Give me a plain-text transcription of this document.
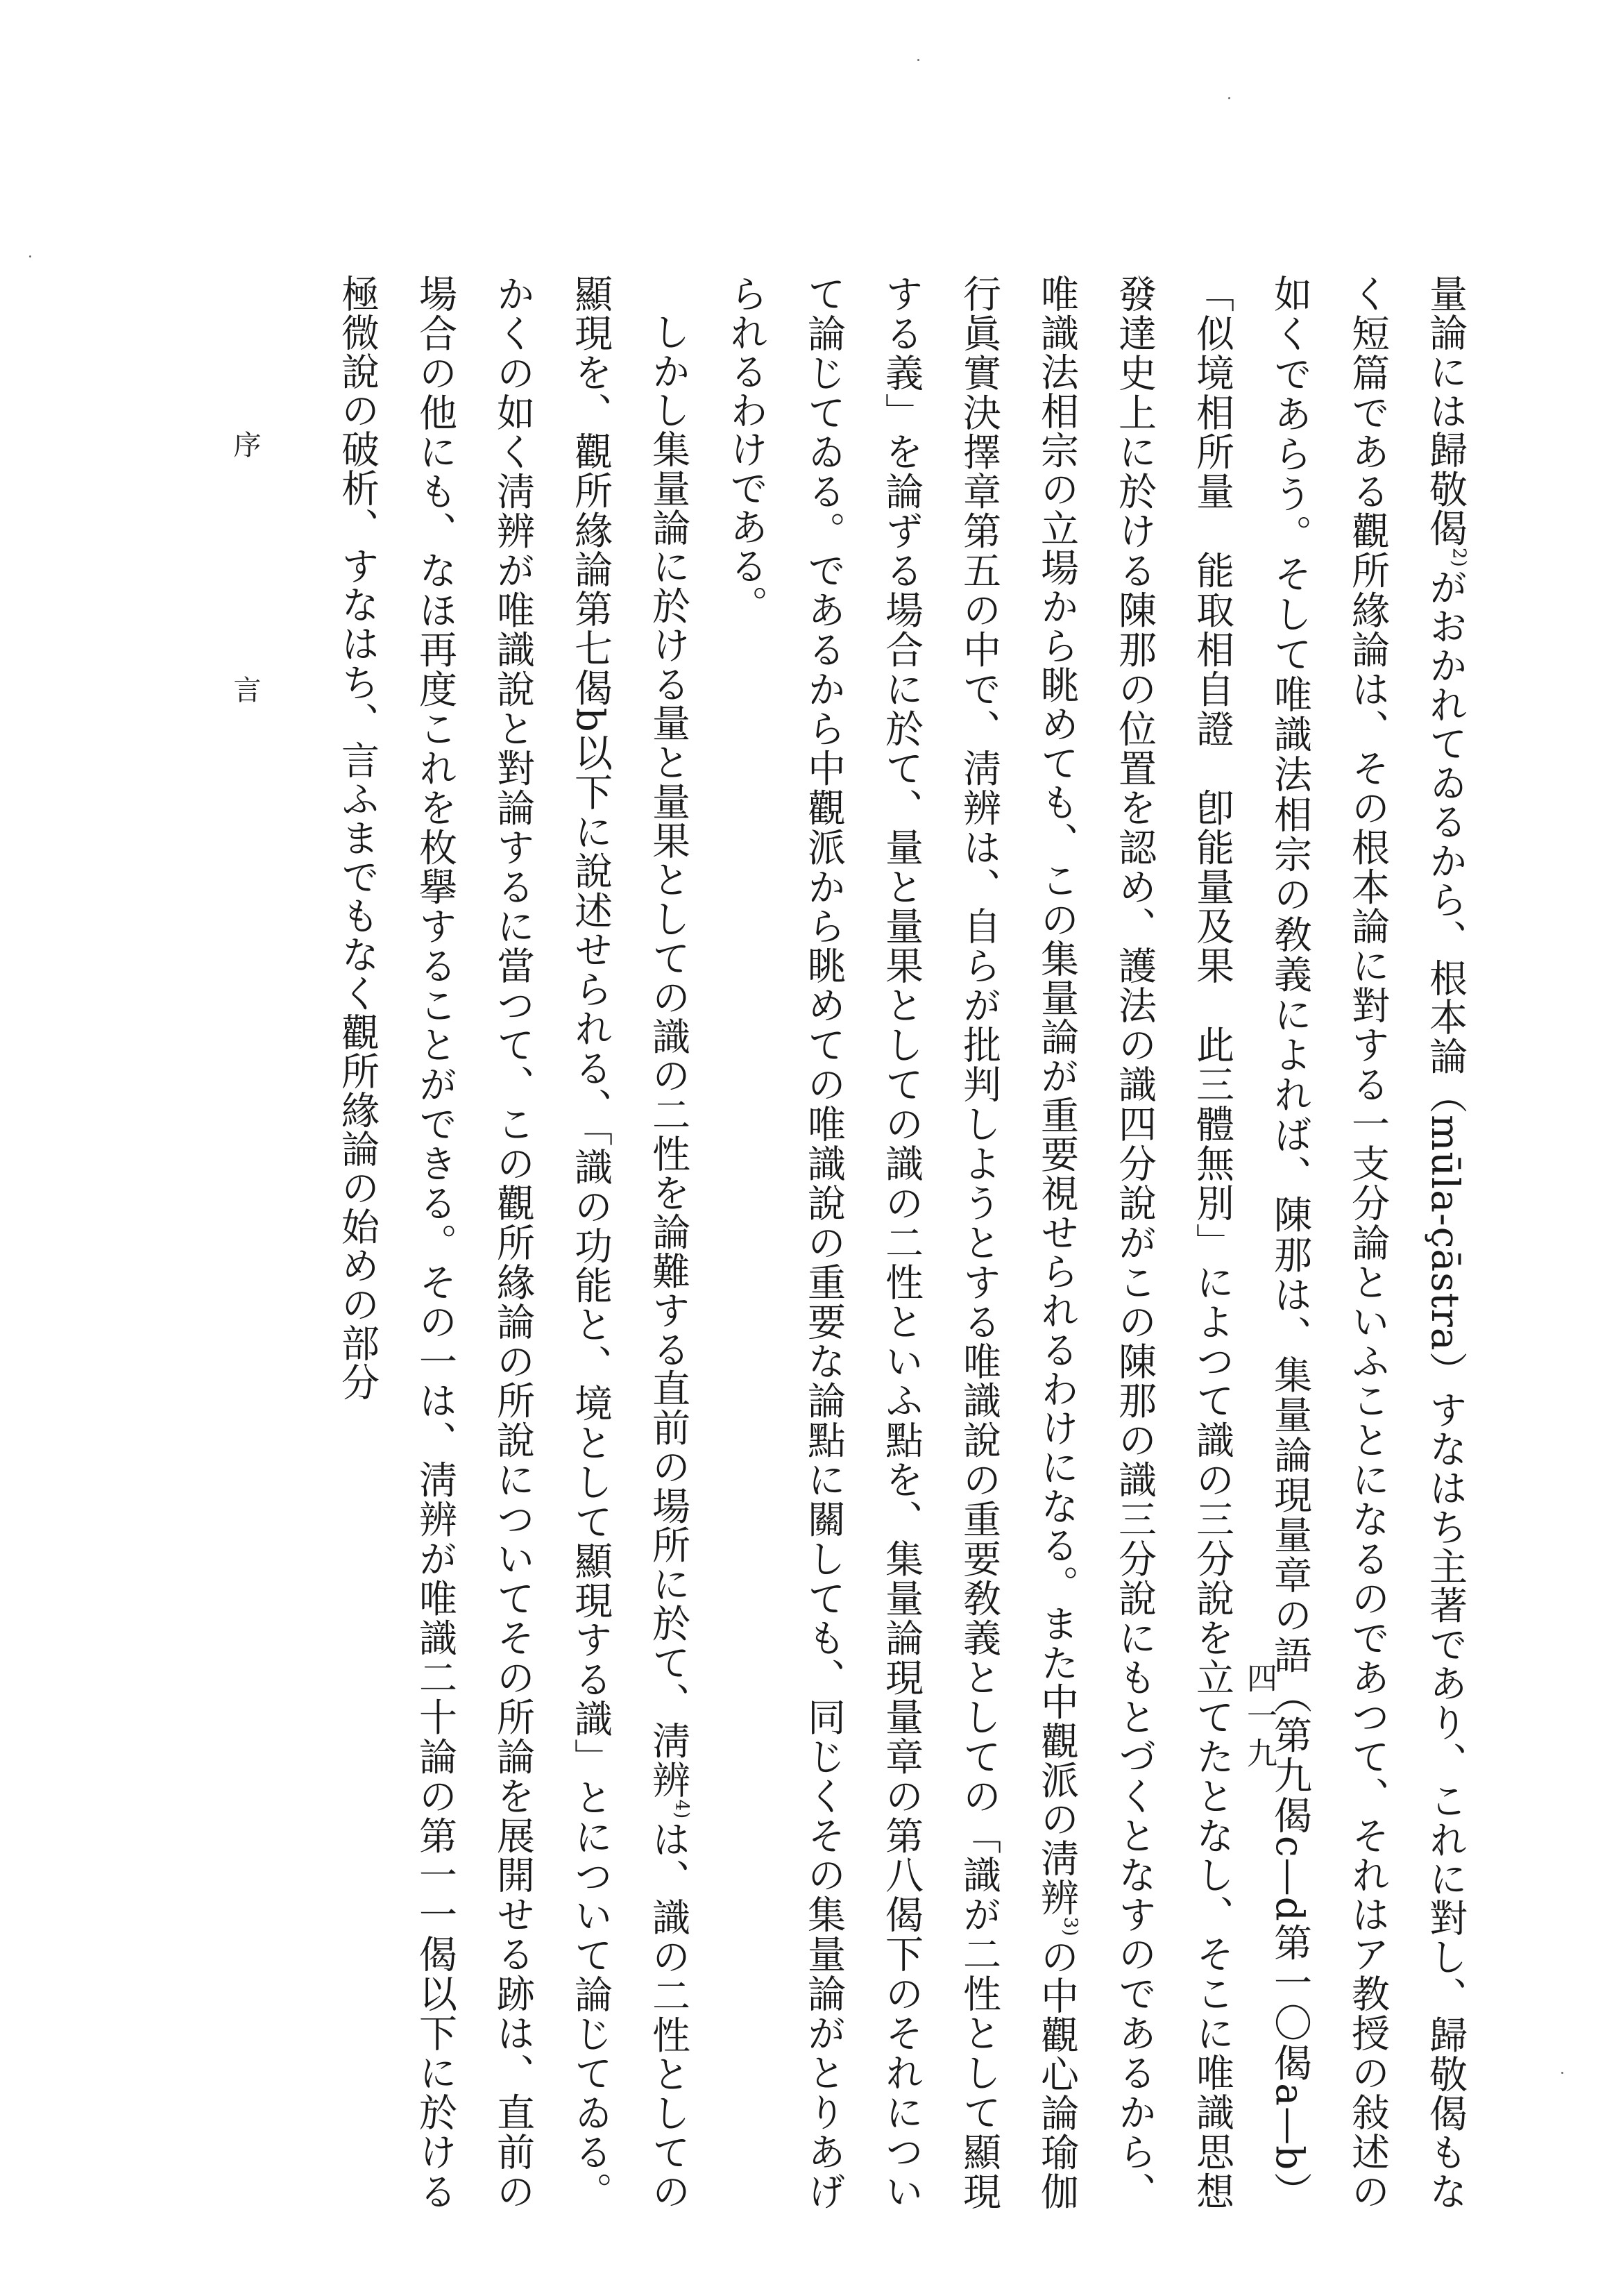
量論には歸敬偈$^{2)}$がおかれてゐるから、根本論（mūla-çāstra）すなはち主著であり、これに對し、歸敬偈もなく短篇である觀所緣論は、その根本論に對する一支分論といふことになるのであつて、それはア教授の敍述の如くであらう。そして唯識法相宗の敎義によれば、陳那は、集量論現量章の語（第九偈c—d第一〇偈a—b）「似境相所量　能取相自證　卽能量及果　此三體無別」によつて識の三分說を立てたとなし、そこに唯識思想發達史上に於ける陳那の位置を認め、護法の識四分說がこの陳那の識三分說にもとづくとなすのであるから、唯識法相宗の立場から眺めても、この集量論が重要視せられるわけになる。また中觀派の淸辨$^{3)}$の中觀心論瑜伽行眞實決擇章第五の中で、淸辨は、自らが批判しようとする唯識說の重要敎義としての「識が二性として顯現する義」を論ずる場合に於て、量と量果としての識の二性といふ點を、集量論現量章の第八偈下のそれについて論じてゐる。であるから中觀派から眺めての唯識說の重要な論點に關しても、同じくその集量論がとりあげられるわけである。

しかし集量論に於ける量と量果としての識の二性を論難する直前の場所に於て、淸辨$^{4)}$は、識の二性としての顯現を、觀所緣論第七偈b以下に說述せられる、「識の功能と、境として顯現する識」とについて論じてゐる。かくの如く淸辨が唯識說と對論するに當つて、この觀所緣論の所說についてその所論を展開せる跡は、直前の場合の他にも、なほ再度これを枚擧することができる。その一は、淸辨が唯識二十論の第一一偈以下に於ける極微說の破析、すなはち、言ふまでもなく觀所緣論の始めの部分

序 言
四一九
